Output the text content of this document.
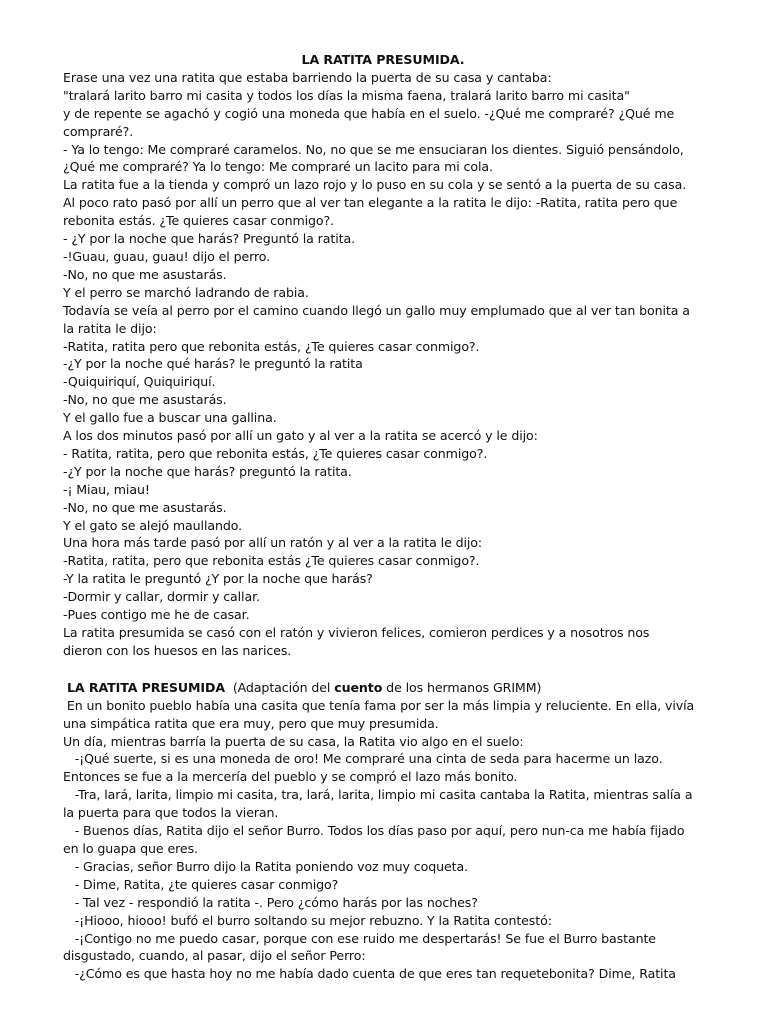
LA RATITA PRESUMIDA.

Erase una vez una ratita que estaba barriendo la puerta de su casa y cantaba:

"tralará larito barro mi casita y todos los días la misma faena, tralará larito barro mi casita"

y de repente se agachó y cogió una moneda que había en el suelo. -¿Qué me compraré? ¿Qué me

compraré?.

- Ya lo tengo: Me compraré caramelos. No, no que se me ensuciaran los dientes. Siguió pensándolo,

¿Qué me compraré? Ya lo tengo: Me compraré un lacito para mi cola.

La ratita fue a la tienda y compró un lazo rojo y lo puso en su cola y se sentó a la puerta de su casa.

Al poco rato pasó por allí un perro que al ver tan elegante a la ratita le dijo: -Ratita, ratita pero que

rebonita estás. ¿Te quieres casar conmigo?.

- ¿Y por la noche que harás? Preguntó la ratita.

-!Guau, guau, guau! dijo el perro.

-No, no que me asustarás.

Y el perro se marchó ladrando de rabia.

Todavía se veía al perro por el camino cuando llegó un gallo muy emplumado que al ver tan bonita a

la ratita le dijo:

-Ratita, ratita pero que rebonita estás, ¿Te quieres casar conmigo?.

-¿Y por la noche qué harás? le preguntó la ratita

-Quiquiriquí, Quiquiriquí.

-No, no que me asustarás.

Y el gallo fue a buscar una gallina.

A los dos minutos pasó por allí un gato y al ver a la ratita se acercó y le dijo:

- Ratita, ratita, pero que rebonita estás, ¿Te quieres casar conmigo?.

-¿Y por la noche que harás? preguntó la ratita.

-¡ Miau, miau!

-No, no que me asustarás.

Y el gato se alejó maullando.

Una hora más tarde pasó por allí un ratón y al ver a la ratita le dijo:

-Ratita, ratita, pero que rebonita estás ¿Te quieres casar conmigo?.

-Y la ratita le preguntó ¿Y por la noche que harás?

-Dormir y callar, dormir y callar.

-Pues contigo me he de casar.

La ratita presumida se casó con el ratón y vivieron felices, comieron perdices y a nosotros nos

dieron con los huesos en las narices.

LA RATITA PRESUMIDA (Adaptación del cuento de los hermanos GRIMM)

En un bonito pueblo había una casita que tenía fama por ser la más limpia y reluciente. En ella, vivía

una simpática ratita que era muy, pero que muy presumida.

Un día, mientras barría la puerta de su casa, la Ratita vio algo en el suelo:

-¡Qué suerte, si es una moneda de oro! Me compraré una cinta de seda para hacerme un lazo.

Entonces se fue a la mercería del pueblo y se compró el lazo más bonito.

-Tra, lará, larita, limpio mi casita, tra, lará, larita, limpio mi casita cantaba la Ratita, mientras salía a

la puerta para que todos la vieran.

- Buenos días, Ratita dijo el señor Burro. Todos los días paso por aquí, pero nun-ca me había fijado

en lo guapa que eres.

- Gracias, señor Burro dijo la Ratita poniendo voz muy coqueta.

- Dime, Ratita, ¿te quieres casar conmigo?

- Tal vez - respondió la ratita -. Pero ¿cómo harás por las noches?

-¡Hiooo, hiooo! bufó el burro soltando su mejor rebuzno. Y la Ratita contestó:

-¡Contigo no me puedo casar, porque con ese ruido me despertarás! Se fue el Burro bastante

disgustado, cuando, al pasar, dijo el señor Perro:

-¿Cómo es que hasta hoy no me había dado cuenta de que eres tan requetebonita? Dime, Ratita
